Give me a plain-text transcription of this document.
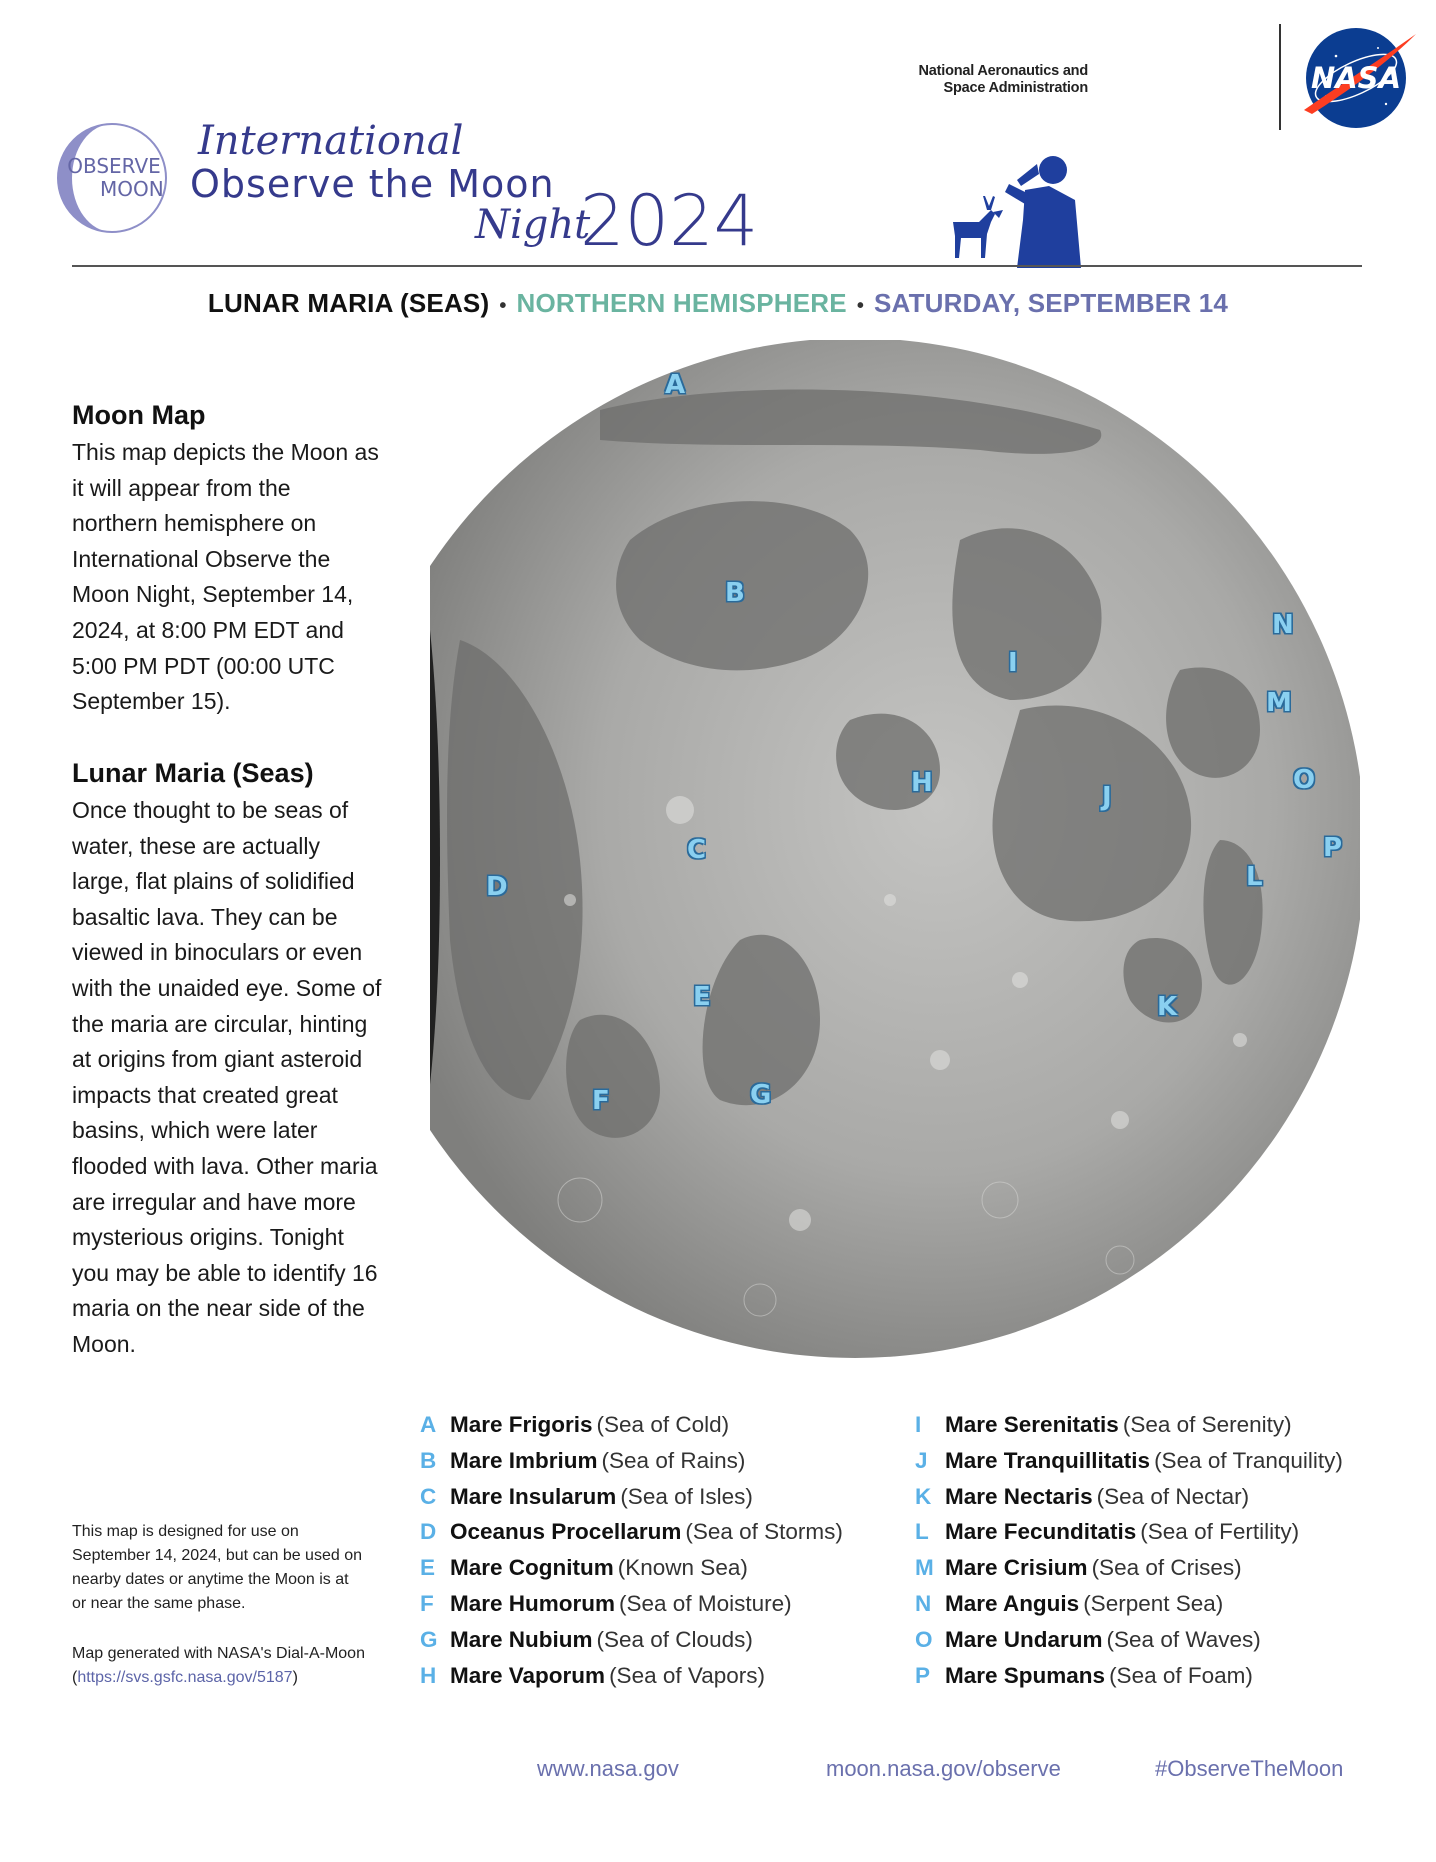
National Aeronautics and
Space Administration	NASA
OBSERVE
the MOON
International
Observe the Moon
Night
2024
LUNAR MARIA (SEAS) • NORTHERN HEMISPHERE • SATURDAY, SEPTEMBER 14
Moon Map

This map depicts the Moon as it will appear from the northern hemisphere on International Observe the Moon Night, September 14, 2024, at 8:00 PM EDT and 5:00 PM PDT (00:00 UTC September 15).

Lunar Maria (Seas)

Once thought to be seas of water, these are actually large, flat plains of solidified basaltic lava. They can be viewed in binoculars or even with the unaided eye. Some of the maria are circular, hinting at origins from giant asteroid impacts that created great basins, which were later flooded with lava. Other maria are irregular and have more mysterious origins. Tonight you may be able to identify 16 maria on the near side of the Moon.

This map is designed for use on September 14, 2024, but can be used on nearby dates or anytime the Moon is at or near the same phase.

Map generated with NASA's Dial-A-Moon
(https://svs.gsfc.nasa.gov/5187)

A
B
C
D
E
F	G
H
I
J
K
L
M
N
O
P
A Mare Frigoris (Sea of Cold)
B Mare Imbrium (Sea of Rains)
C Mare Insularum (Sea of Isles)
D Oceanus Procellarum (Sea of Storms)
E Mare Cognitum (Known Sea)
F Mare Humorum (Sea of Moisture)
G Mare Nubium (Sea of Clouds)
H Mare Vaporum (Sea of Vapors)
I Mare Serenitatis (Sea of Serenity)
J Mare Tranquillitatis (Sea of Tranquility)
K Mare Nectaris (Sea of Nectar)
L Mare Fecunditatis (Sea of Fertility)
M Mare Crisium (Sea of Crises)
N Mare Anguis (Serpent Sea)
O Mare Undarum (Sea of Waves)
P Mare Spumans (Sea of Foam)
www.nasa.gov	moon.nasa.gov/observe	#ObserveTheMoon
